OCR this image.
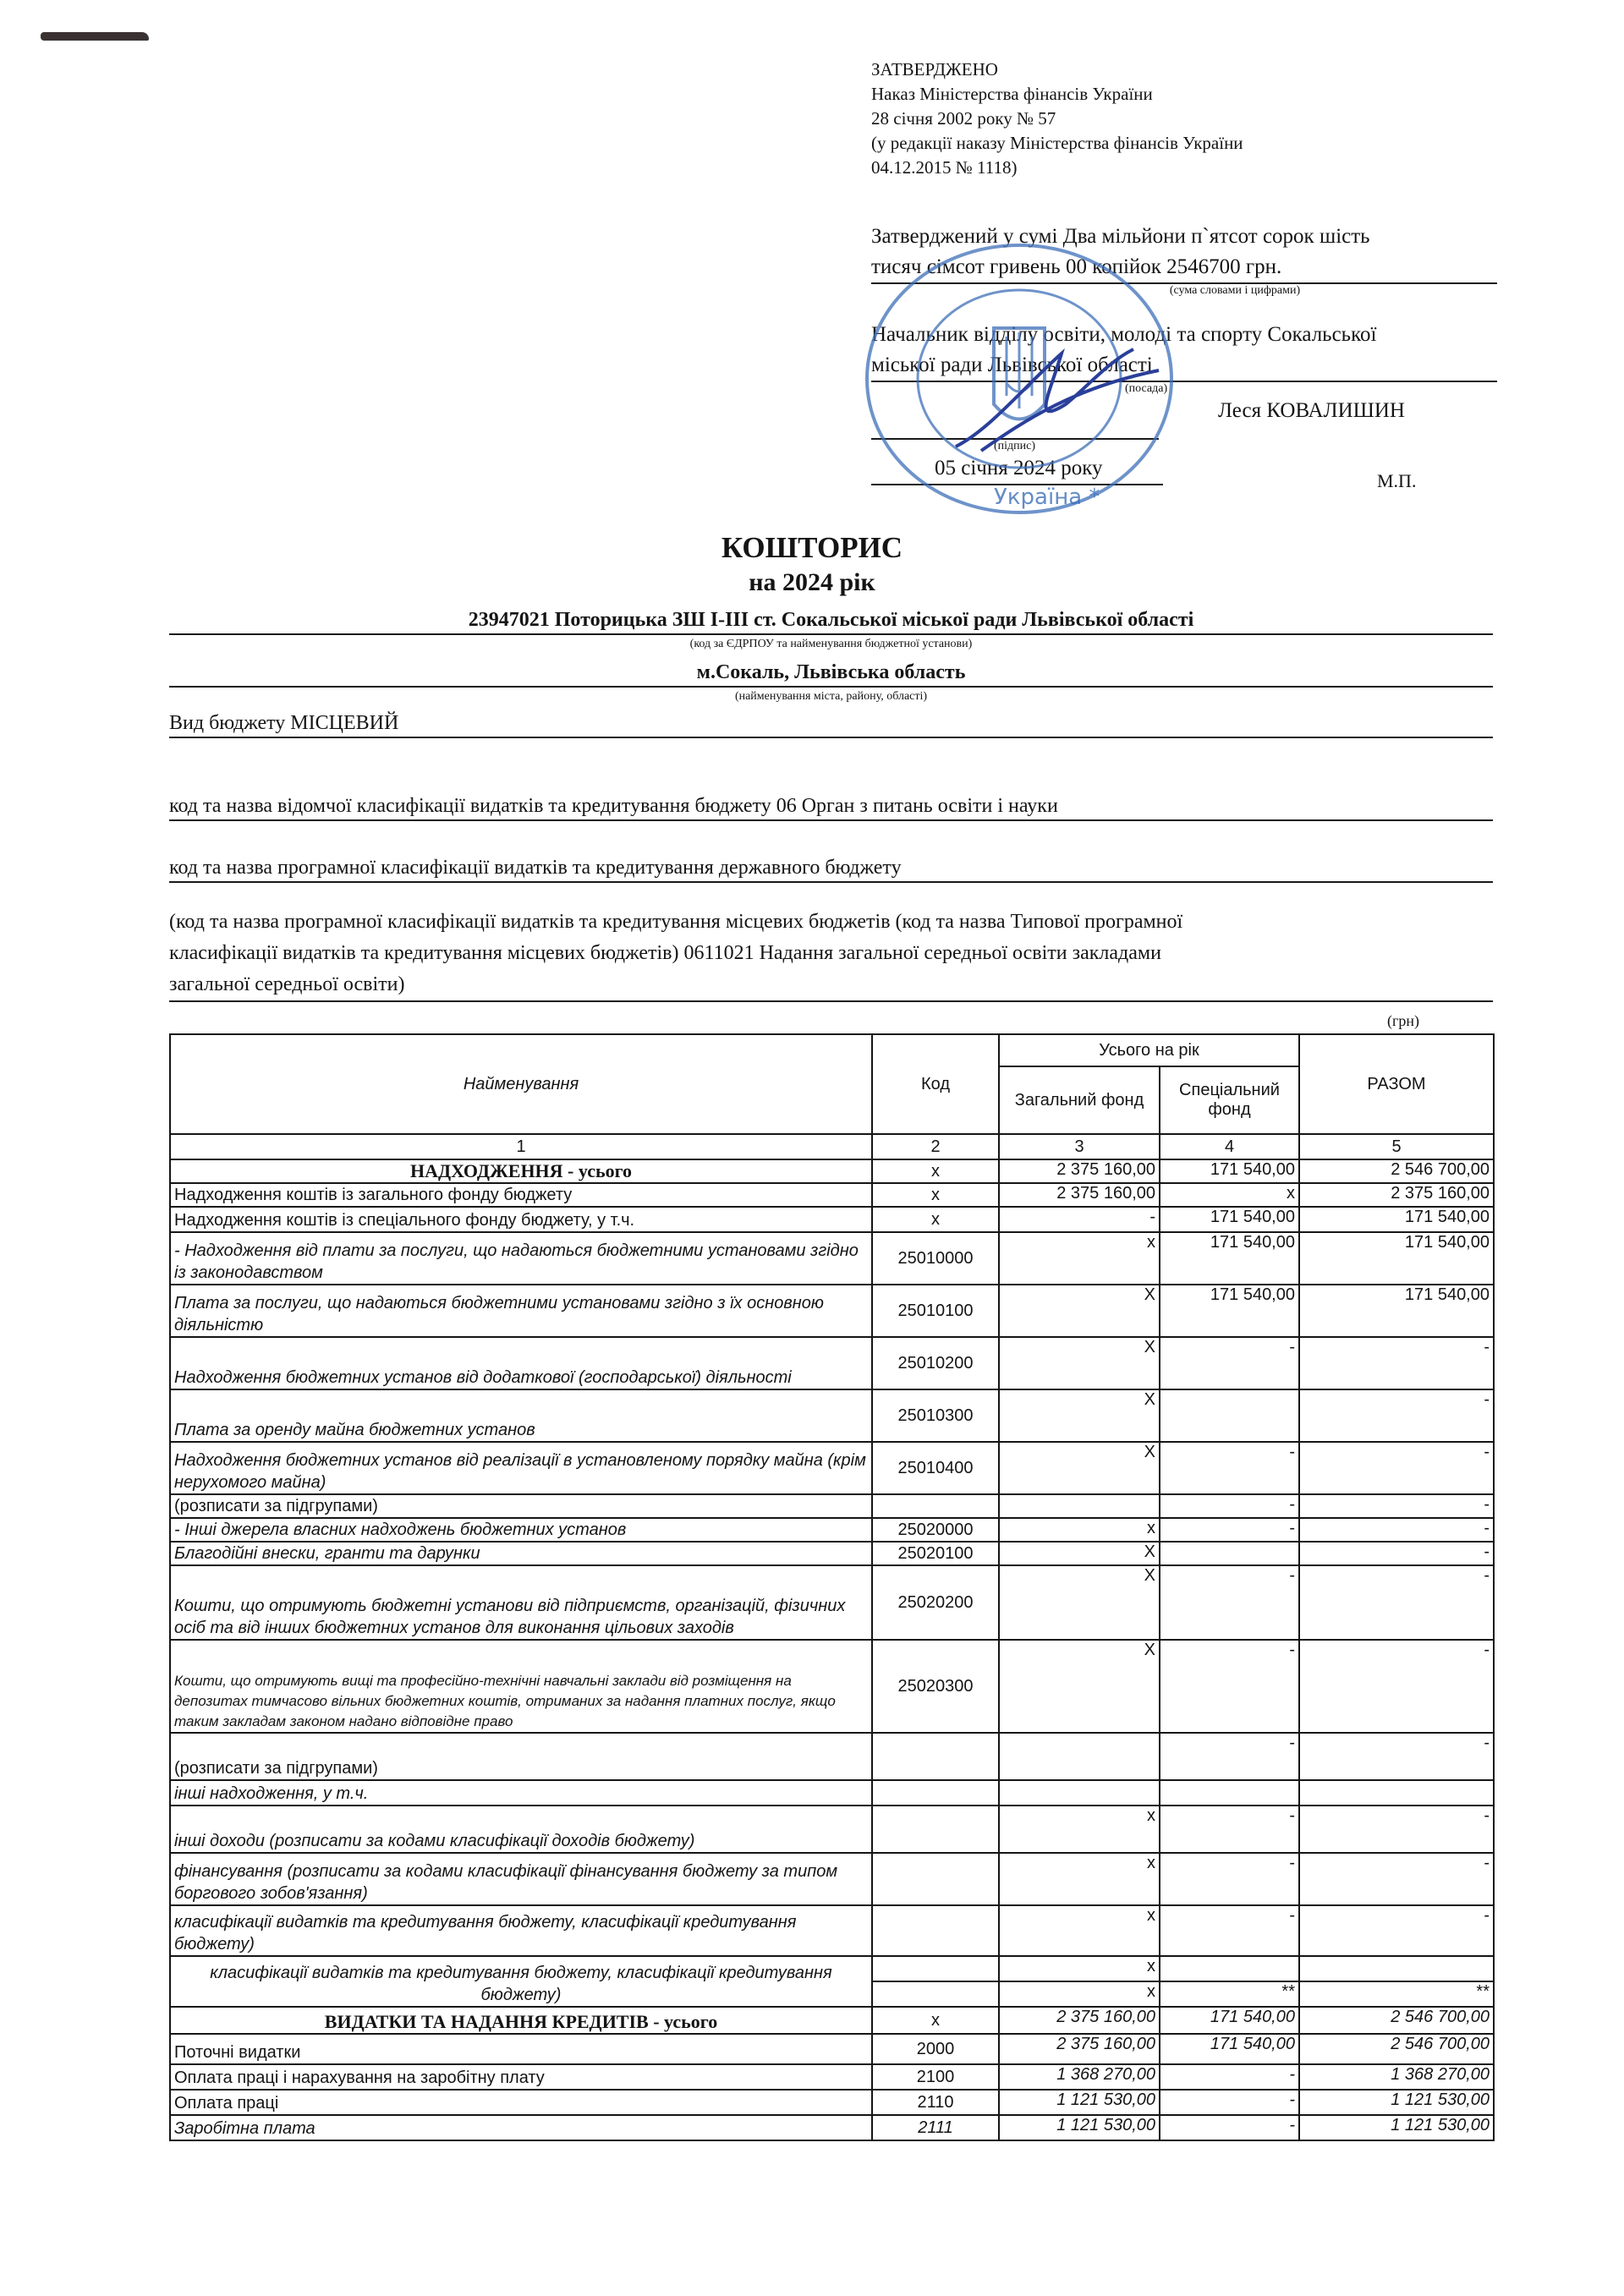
ЗАТВЕРДЖЕНО
Наказ Міністерства фінансів України
28 січня 2002 року № 57
(у редакції наказу Міністерства фінансів України
04.12.2015 № 1118)
Затверджений у сумі Два мільйони п`ятсот сорок шість
тисяч сімсот гривень 00 копійок 2546700 грн.
(сума словами і цифрами)
Начальник відділу освіти, молоді та спорту Сокальської
міської ради Львівської області
(посада)
(підпис)
05 січня 2024 року
Леся КОВАЛИШИН
М.П.
Україна *
КОШТОРИС
на 2024 рік
23947021 Поторицька ЗШ І-ІІІ ст. Сокальської міської ради Львівської області
(код за ЄДРПОУ та найменування бюджетної установи)
м.Сокаль, Львівська область
(найменування міста, району, області)
Вид бюджету МІСЦЕВИЙ
код та назва відомчої класифікації видатків та кредитування бюджету 06 Орган з питань освіти і науки
код та назва програмної класифікації видатків та кредитування державного бюджету
(код та назва програмної класифікації видатків та кредитування місцевих бюджетів (код та назва Типової програмної
класифікації видатків та кредитування місцевих бюджетів) 0611021 Надання загальної середньої освіти закладами
загальної середньої освіти)
(грн)
Найменування	Код	Усього на рік		РАЗОМ
		Загальний фонд	Спеціальний фонд	
1	2	3	4	5
НАДХОДЖЕННЯ - усього	х	2 375 160,00	171 540,00	2 546 700,00
Надходження коштів із загального фонду бюджету	х	2 375 160,00	х	2 375 160,00
Надходження коштів із спеціального фонду бюджету, у т.ч.	х	-	171 540,00	171 540,00
- Надходження від плати за послуги, що надаються бюджетними установами згідно із законодавством	25010000	х	171 540,00	171 540,00
Плата за послуги, що надаються бюджетними установами згідно з їх основною діяльністю	25010100	Х	171 540,00	171 540,00
Надходження бюджетних установ від додаткової (господарської) діяльності	25010200	Х	-	-
Плата за оренду майна бюджетних установ	25010300	Х		-
Надходження бюджетних установ від реалізації в установленому порядку майна (крім нерухомого майна)	25010400	Х	-	-
(розписати за підгрупами)			-	-
- Інші джерела власних надходжень бюджетних установ	25020000	х	-	-
Благодійні внески, гранти та дарунки	25020100	Х		-
Кошти, що отримують бюджетні установи від підприємств, організацій, фізичних осіб та від інших бюджетних установ для виконання цільових заходів	25020200	Х	-	-
Кошти, що отримують вищі та професійно-технічні навчальні заклади від розміщення на депозитах тимчасово вільних бюджетних коштів, отриманих за надання платних послуг, якщо таким закладам законом надано відповідне право	25020300	Х	-	-
(розписати за підгрупами)			-	-
інші надходження, у т.ч.				
інші доходи (розписати за кодами класифікації доходів бюджету)		х	-	-
фінансування (розписати за кодами класифікації фінансування бюджету за типом боргового зобов'язання)		х	-	-
класифікації видатків та кредитування бюджету, класифікації кредитування бюджету)		х	-	-
класифікації видатків та кредитування бюджету, класифікації кредитування бюджету)		х		
		х	**	**
ВИДАТКИ ТА НАДАННЯ КРЕДИТІВ - усього	х	2 375 160,00	171 540,00	2 546 700,00
Поточні видатки	2000	2 375 160,00	171 540,00	2 546 700,00
Оплата праці і нарахування на заробітну плату	2100	1 368 270,00	-	1 368 270,00
Оплата праці	2110	1 121 530,00	-	1 121 530,00
Заробітна плата	2111	1 121 530,00	-	1 121 530,00
